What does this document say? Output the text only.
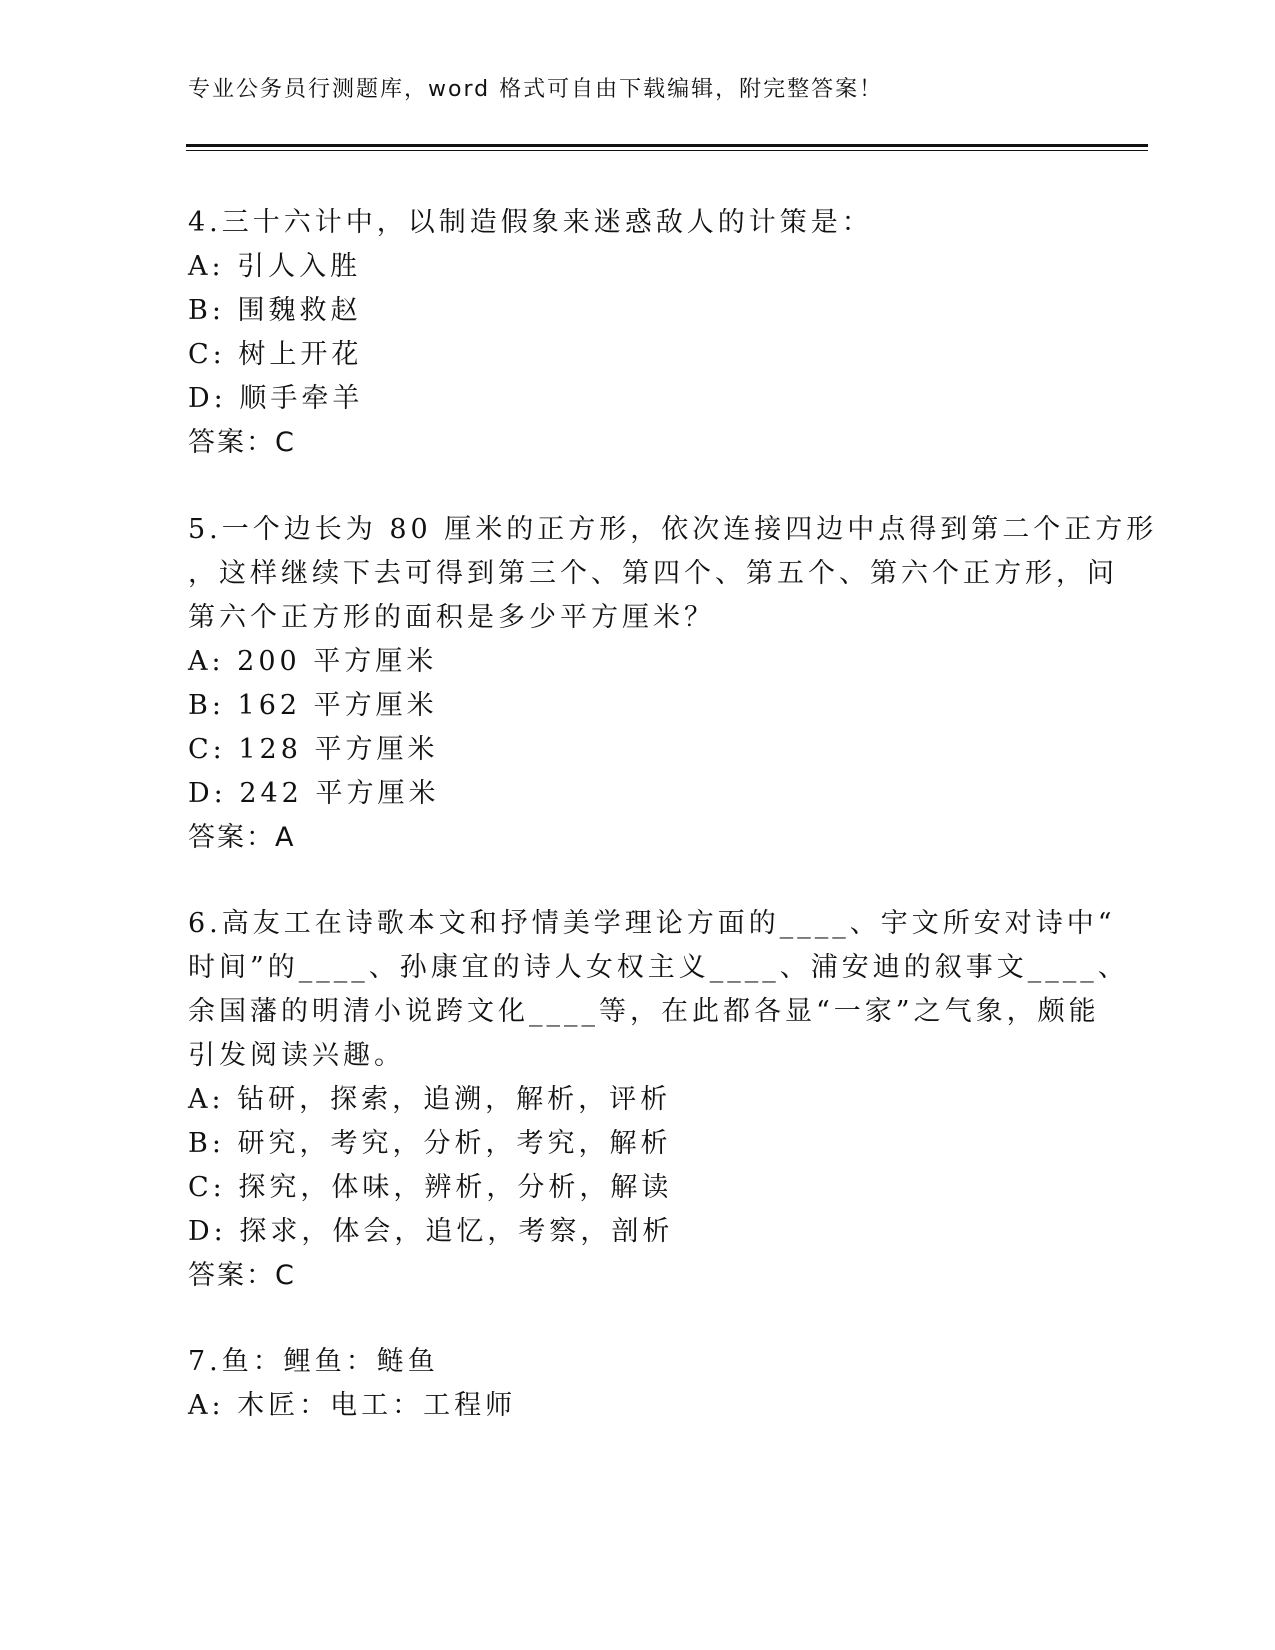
专业公务员行测题库，word 格式可自由下载编辑，附完整答案！
4.三十六计中，以制造假象来迷惑敌人的计策是：
A: 引人入胜
B: 围魏救赵
C: 树上开花
D: 顺手牵羊
答案：C
5.一个边长为 80 厘米的正方形，依次连接四边中点得到第二个正方形
，这样继续下去可得到第三个、第四个、第五个、第六个正方形，问
第六个正方形的面积是多少平方厘米？
A: 200 平方厘米
B: 162 平方厘米
C: 128 平方厘米
D: 242 平方厘米
答案：A
6.高友工在诗歌本文和抒情美学理论方面的____、宇文所安对诗中“
时间”的____、孙康宜的诗人女权主义____、浦安迪的叙事文____、
余国藩的明清小说跨文化____等，在此都各显“一家”之气象，颇能
引发阅读兴趣。
A: 钻研，探索，追溯，解析，评析
B: 研究，考究，分析，考究，解析
C: 探究，体味，辨析，分析，解读
D: 探求，体会，追忆，考察，剖析
答案：C
7.鱼：鲤鱼：鲢鱼
A: 木匠：电工：工程师
